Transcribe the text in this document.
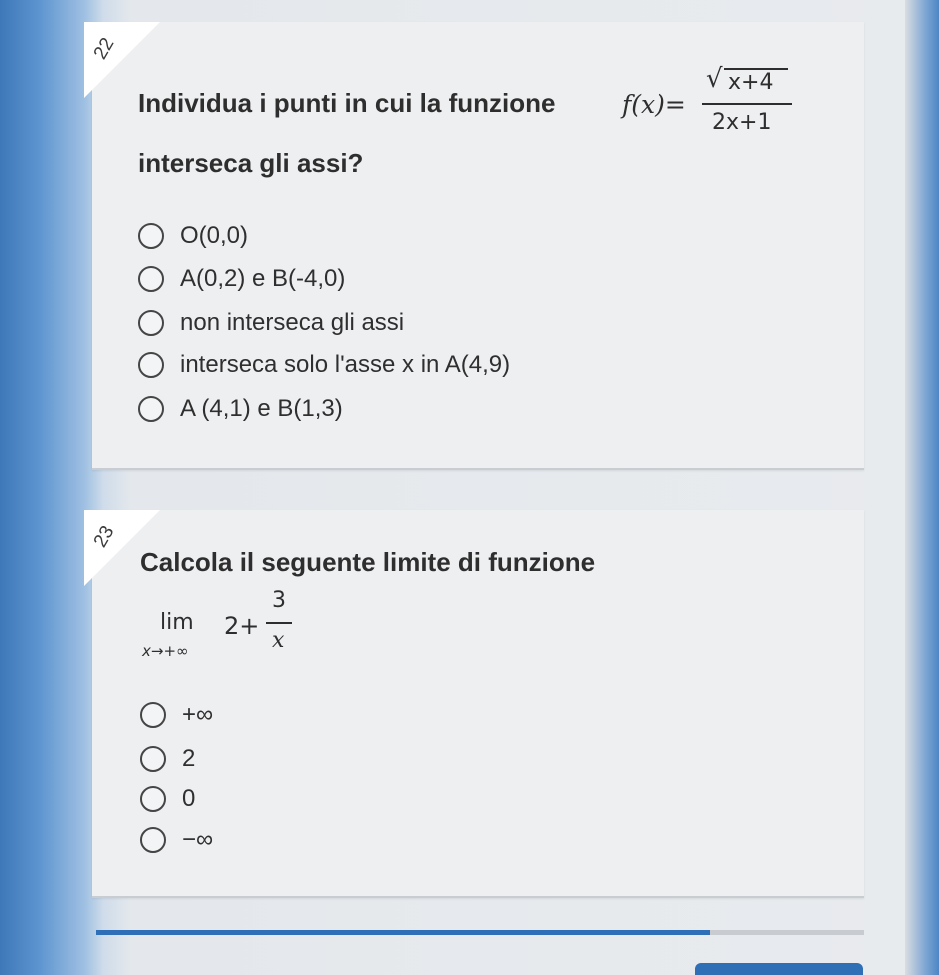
22
Individua i punti in cui la funzione	f(x)=
√ x+4
2x+1
interseca gli assi?
O(0,0)
A(0,2) e B(-4,0)
non interseca gli assi
interseca solo l'asse x in A(4,9)
A (4,1) e B(1,3)
23
Calcola il seguente limite di funzione
lim
x→+∞
2+
3
x
+∞
2
0
−∞
